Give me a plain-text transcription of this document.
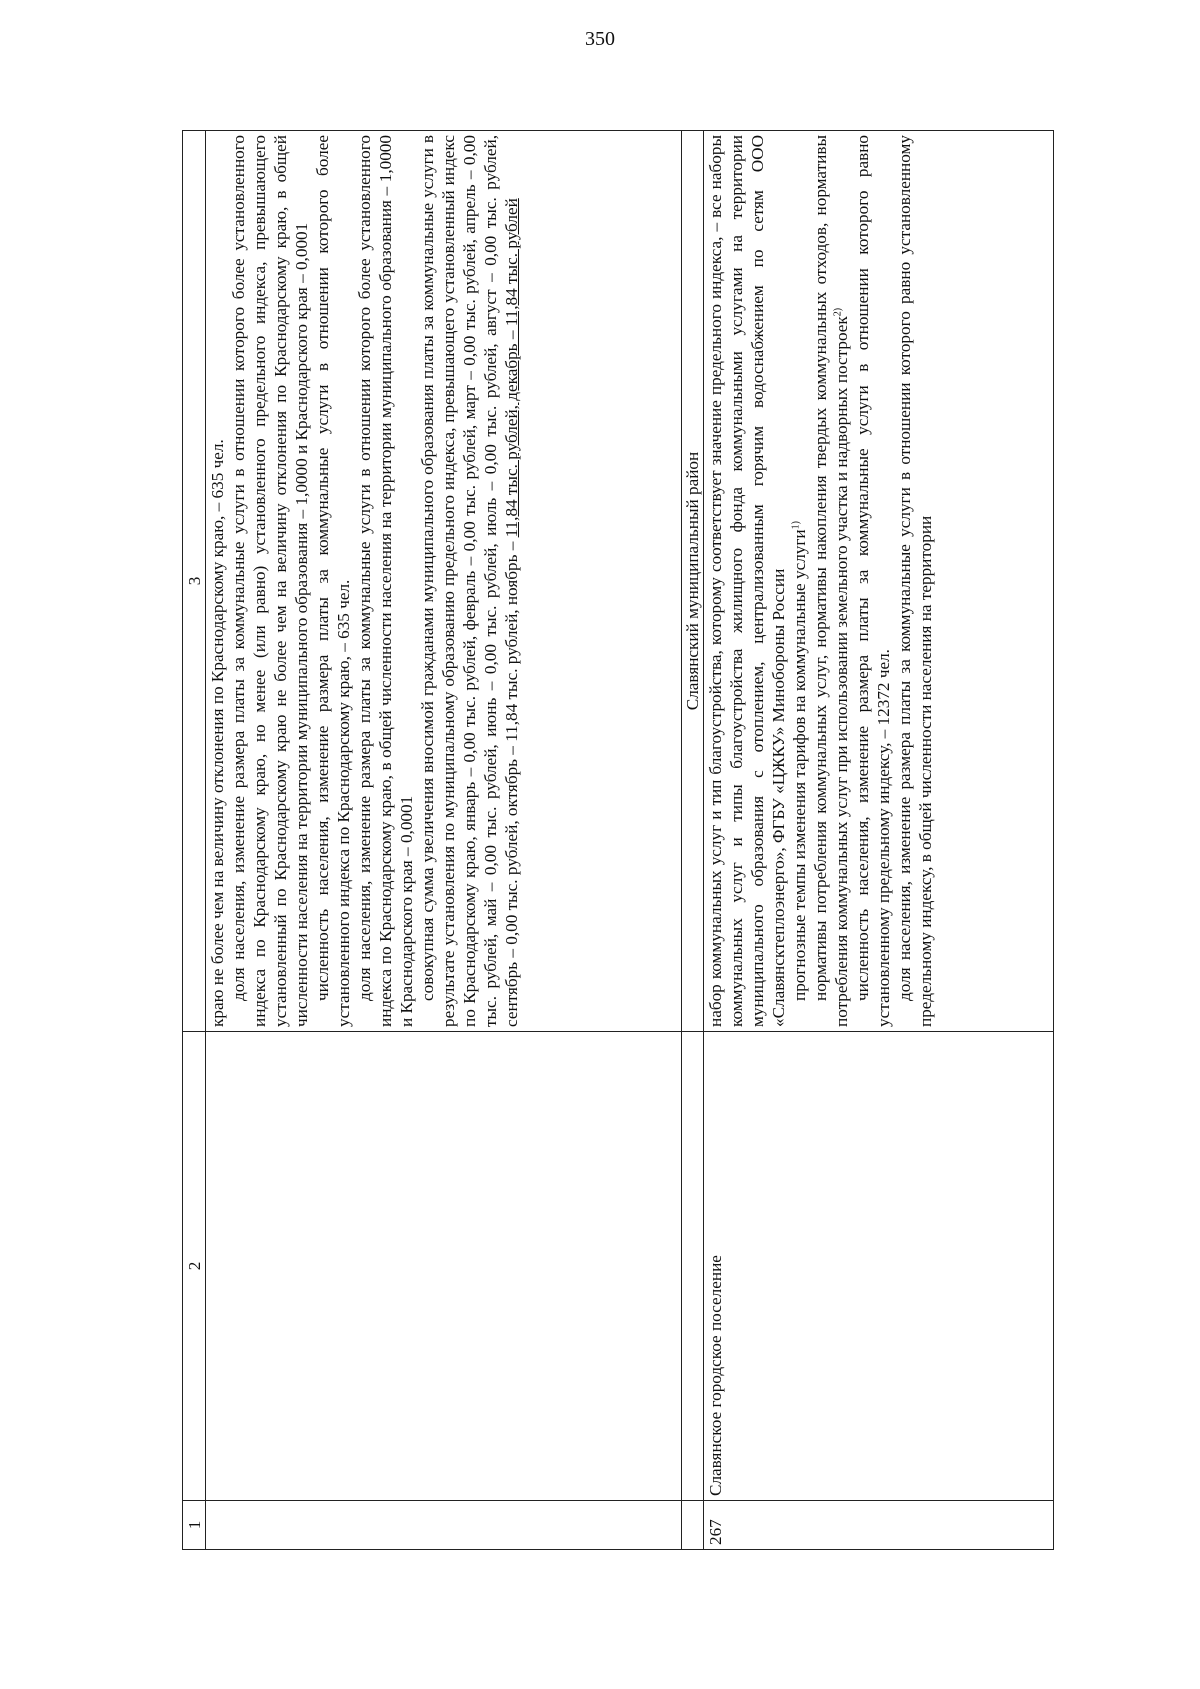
350
1	2	3

		краю не более чем на величину отклонения по Краснодарскому краю, – 635 чел. доля населения, изменение размера платы за коммунальные услуги в отношении которого более установленного индекса по Краснодарскому краю, но менее (или равно) установленного предельного индекса, превышающего установленный по Краснодарскому краю не более чем на величину отклонения по Краснодарскому краю, в общей численности населения на территории муниципального образования – 1,0000 и Краснодарского края – 0,0001 численность населения, изменение размера платы за коммунальные услуги в отношении которого более установленного индекса по Краснодарскому краю, – 635 чел. доля населения, изменение размера платы за коммунальные услуги в отношении которого более установленного индекса по Краснодарскому краю, в общей численности населения на территории муниципального образования – 1,0000 и Краснодарского края – 0,0001 совокупная сумма увеличения вносимой гражданами муниципального образования платы за коммунальные услуги в результате установления по муниципальному образованию предельного индекса, превышающего установленный индекс по Краснодарскому краю, январь – 0,00 тыс. рублей, февраль – 0,00 тыс. рублей, март – 0,00 тыс. рублей, апрель – 0,00 тыс. рублей, май – 0,00 тыс. рублей, июнь – 0,00 тыс. рублей, июль – 0,00 тыс. рублей, август – 0,00 тыс. рублей, сентябрь – 0,00 тыс. рублей, октябрь – 11,84 тыс. рублей, ноябрь – 11,84 тыс. рублей, декабрь – 11,84 тыс. рублей

		Славянский муниципальный район
267	Славянское городское поселение	набор коммунальных услуг и тип благоустройства, которому соответствует значение предельного индекса, – все наборы коммунальных услуг и типы благоустройства жилищного фонда коммунальными услугами на территории муниципального образования с отоплением, централизованным горячим водоснабжением по сетям ООО «Славянсктеплоэнерго», ФГБУ «ЦЖКУ» Минобороны России прогнозные темпы изменения тарифов на коммунальные услуги$^{1)}$ нормативы потребления коммунальных услуг, нормативы накопления твердых коммунальных отходов, нормативы потребления коммунальных услуг при использовании земельного участка и надворных построек$^{2)}$ численность населения, изменение размера платы за коммунальные услуги в отношении которого равно установленному предельному индексу, – 12372 чел. доля населения, изменение размера платы за коммунальные услуги в отношении которого равно установленному предельному индексу, в общей численности населения на территории
